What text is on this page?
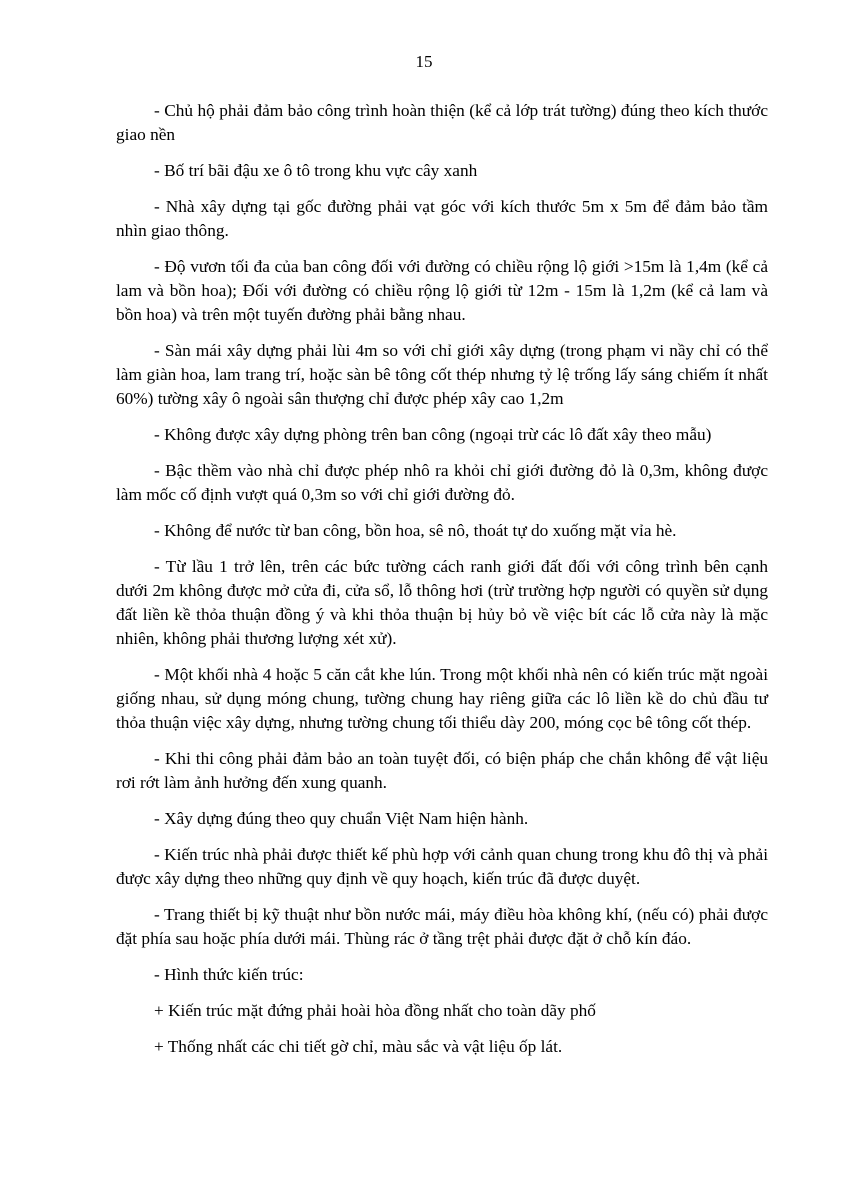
15

- Chủ hộ phải đảm bảo công trình hoàn thiện (kể cả lớp trát tường) đúng theo kích thước giao nền

- Bố trí bãi đậu xe ô tô trong khu vực cây xanh

- Nhà xây dựng tại gốc đường phải vạt góc với kích thước 5m x 5m để đảm bảo tầm nhìn giao thông.

- Độ vươn tối đa của ban công đối với đường có chiều rộng lộ giới >15m là 1,4m (kể cả lam và bồn hoa); Đối với đường có chiều rộng lộ giới từ 12m - 15m là 1,2m (kể cả lam và bồn hoa) và trên một tuyến đường phải bằng nhau.

- Sàn mái xây dựng phải lùi 4m so với chỉ giới xây dựng (trong phạm vi nầy chỉ có thể làm giàn hoa, lam trang trí, hoặc sàn bê tông cốt thép nhưng tỷ lệ trống lấy sáng chiếm ít nhất 60%) tường xây ô ngoài sân thượng chỉ được phép xây cao 1,2m

- Không được xây dựng phòng trên ban công (ngoại trừ các lô đất xây theo mẫu)

- Bậc thềm vào nhà chỉ được phép nhô ra khỏi chỉ giới đường đỏ là 0,3m, không được làm mốc cố định vượt quá 0,3m so với chỉ giới đường đỏ.

- Không để nước từ ban công, bồn hoa, sê nô, thoát tự do xuống mặt vỉa hè.

- Từ lầu 1 trở lên, trên các bức tường cách ranh giới đất đối với công trình bên cạnh dưới 2m không được mở cửa đi, cửa sổ, lỗ thông hơi (trừ trường hợp người có quyền sử dụng đất liền kề thỏa thuận đồng ý và khi thỏa thuận bị hủy bỏ về việc bít các lỗ cửa này là mặc nhiên, không phải thương lượng xét xử).

- Một khối nhà 4 hoặc 5 căn cắt khe lún. Trong một khối nhà nên có kiến trúc mặt ngoài giống nhau, sử dụng móng chung, tường chung hay riêng giữa các lô liền kề do chủ đầu tư thỏa thuận việc xây dựng, nhưng tường chung tối thiểu dày 200, móng cọc bê tông cốt thép.

- Khi thi công phải đảm bảo an toàn tuyệt đối, có biện pháp che chắn không để vật liệu rơi rớt làm ảnh hưởng đến xung quanh.

- Xây dựng đúng theo quy chuẩn Việt Nam hiện hành.

- Kiến trúc nhà phải được thiết kế phù hợp với cảnh quan chung trong khu đô thị và phải được xây dựng theo những quy định về quy hoạch, kiến trúc đã được duyệt.

- Trang thiết bị kỹ thuật như bồn nước mái, máy điều hòa không khí, (nếu có) phải được đặt phía sau hoặc phía dưới mái. Thùng rác ở tầng trệt phải được đặt ở chỗ kín đáo.

- Hình thức kiến trúc:

+ Kiến trúc mặt đứng phải hoài hòa đồng nhất cho toàn dãy phố

+ Thống nhất các chi tiết gờ chỉ, màu sắc và vật liệu ốp lát.
